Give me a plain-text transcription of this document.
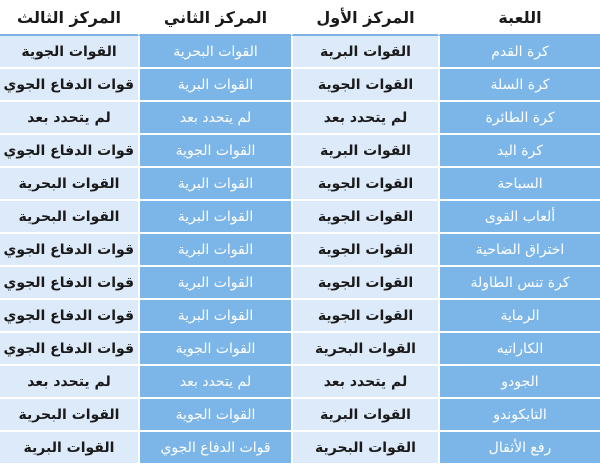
اللعبة	المركز الأول	المركز الثاني	المركز الثالث
كرة القدم	القوات البرية	القوات البحرية	القوات الجوية
كرة السلة	القوات الجوية	القوات البرية	قوات الدفاع الجوي
كرة الطائرة	لم يتحدد بعد	لم يتحدد بعد	لم يتحدد بعد
كرة اليد	القوات البرية	القوات الجوية	قوات الدفاع الجوي
السباحة	القوات الجوية	القوات البرية	القوات البحرية
ألعاب القوى	القوات الجوية	القوات البرية	القوات البحرية
اختراق الضاحية	القوات الجوية	القوات البرية	قوات الدفاع الجوي
كرة تنس الطاولة	القوات الجوية	القوات البرية	قوات الدفاع الجوي
الرماية	القوات الجوية	القوات البرية	قوات الدفاع الجوي
الكاراتيه	القوات البحرية	القوات الجوية	قوات الدفاع الجوي
الجودو	لم يتحدد بعد	لم يتحدد بعد	لم يتحدد بعد
التايكوندو	القوات البرية	القوات الجوية	القوات البحرية
رفع الأثقال	القوات البحرية	قوات الدفاع الجوي	القوات البرية
